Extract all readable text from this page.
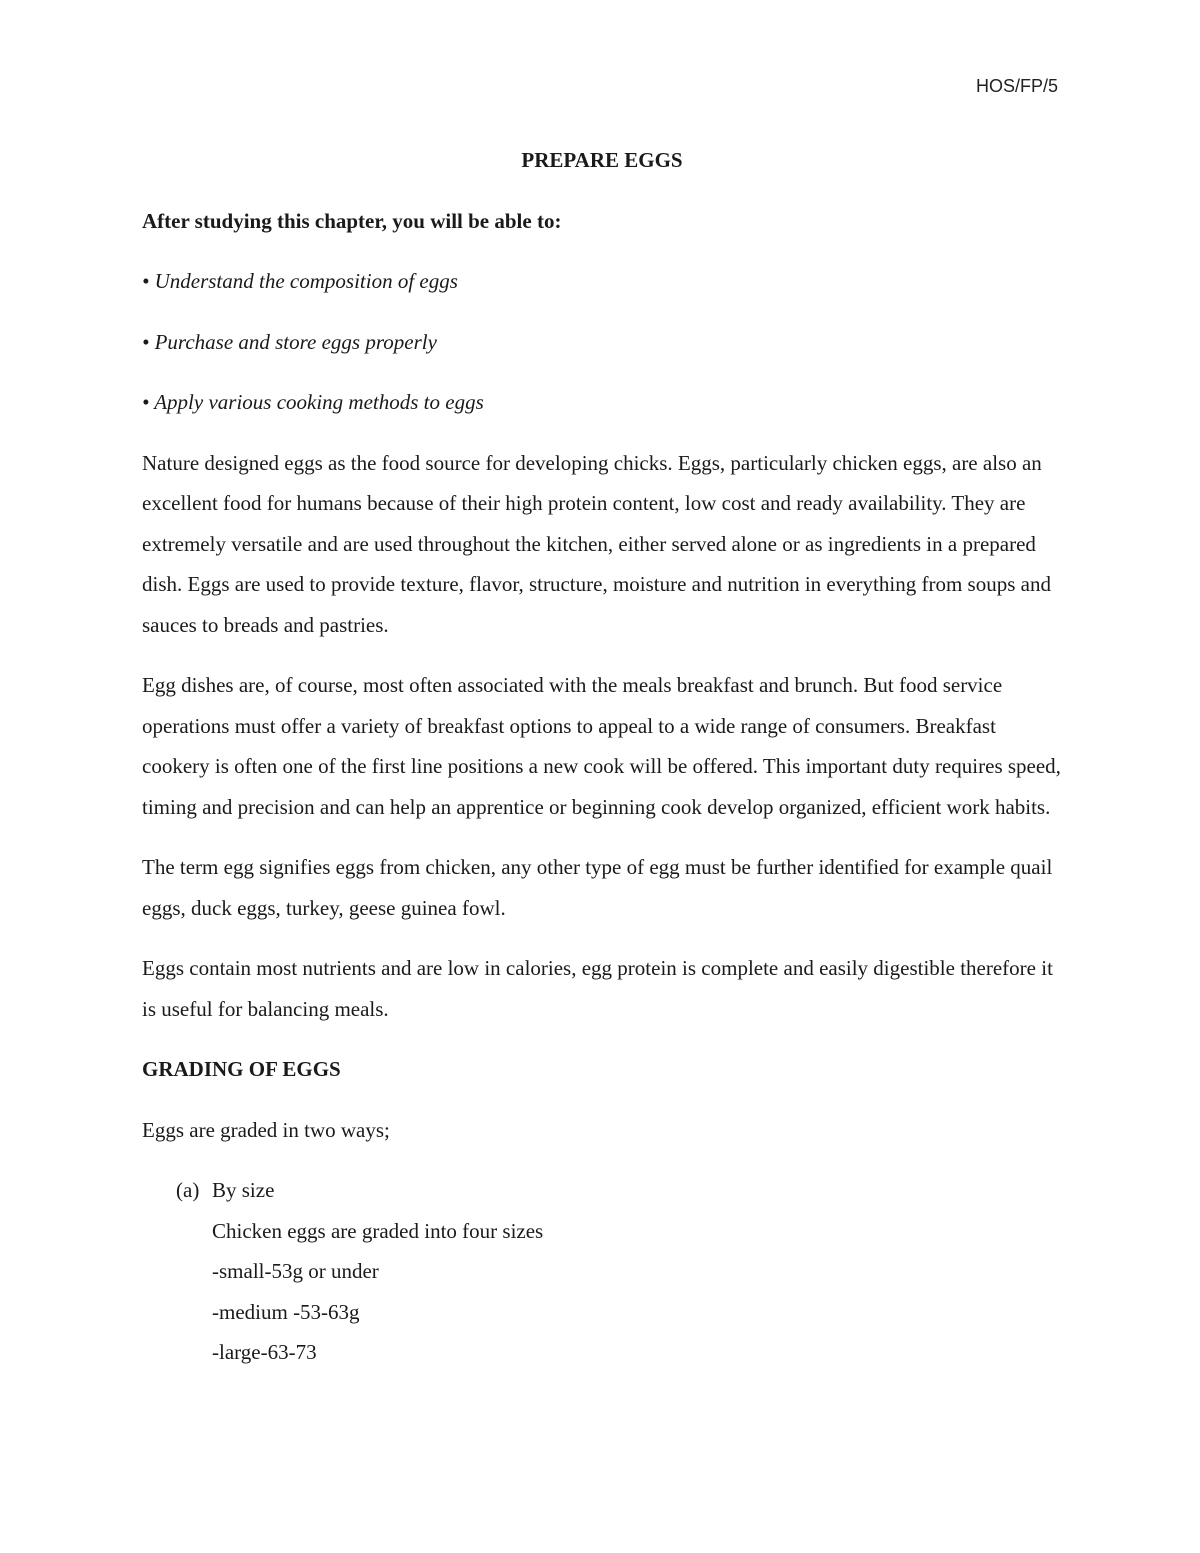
HOS/FP/5

PREPARE EGGS

After studying this chapter, you will be able to:

• Understand the composition of eggs

• Purchase and store eggs properly

• Apply various cooking methods to eggs

Nature designed eggs as the food source for developing chicks. Eggs, particularly chicken eggs, are also an excellent food for humans because of their high protein content, low cost and ready availability. They are extremely versatile and are used throughout the kitchen, either served alone or as ingredients in a prepared dish. Eggs are used to provide texture, flavor, structure, moisture and nutrition in everything from soups and sauces to breads and pastries.

Egg dishes are, of course, most often associated with the meals breakfast and brunch. But food service operations must offer a variety of breakfast options to appeal to a wide range of consumers. Breakfast cookery is often one of the first line positions a new cook will be offered. This important duty requires speed, timing and precision and can help an apprentice or beginning cook develop organized, efficient work habits.

The term egg signifies eggs from chicken, any other type of egg must be further identified for example quail eggs, duck eggs, turkey, geese guinea fowl.

Eggs contain most nutrients and are low in calories, egg protein is complete and easily digestible therefore it is useful for balancing meals.

GRADING OF EGGS

Eggs are graded in two ways;

(a) By size
Chicken eggs are graded into four sizes
-small-53g or under
-medium -53-63g
-large-63-73
